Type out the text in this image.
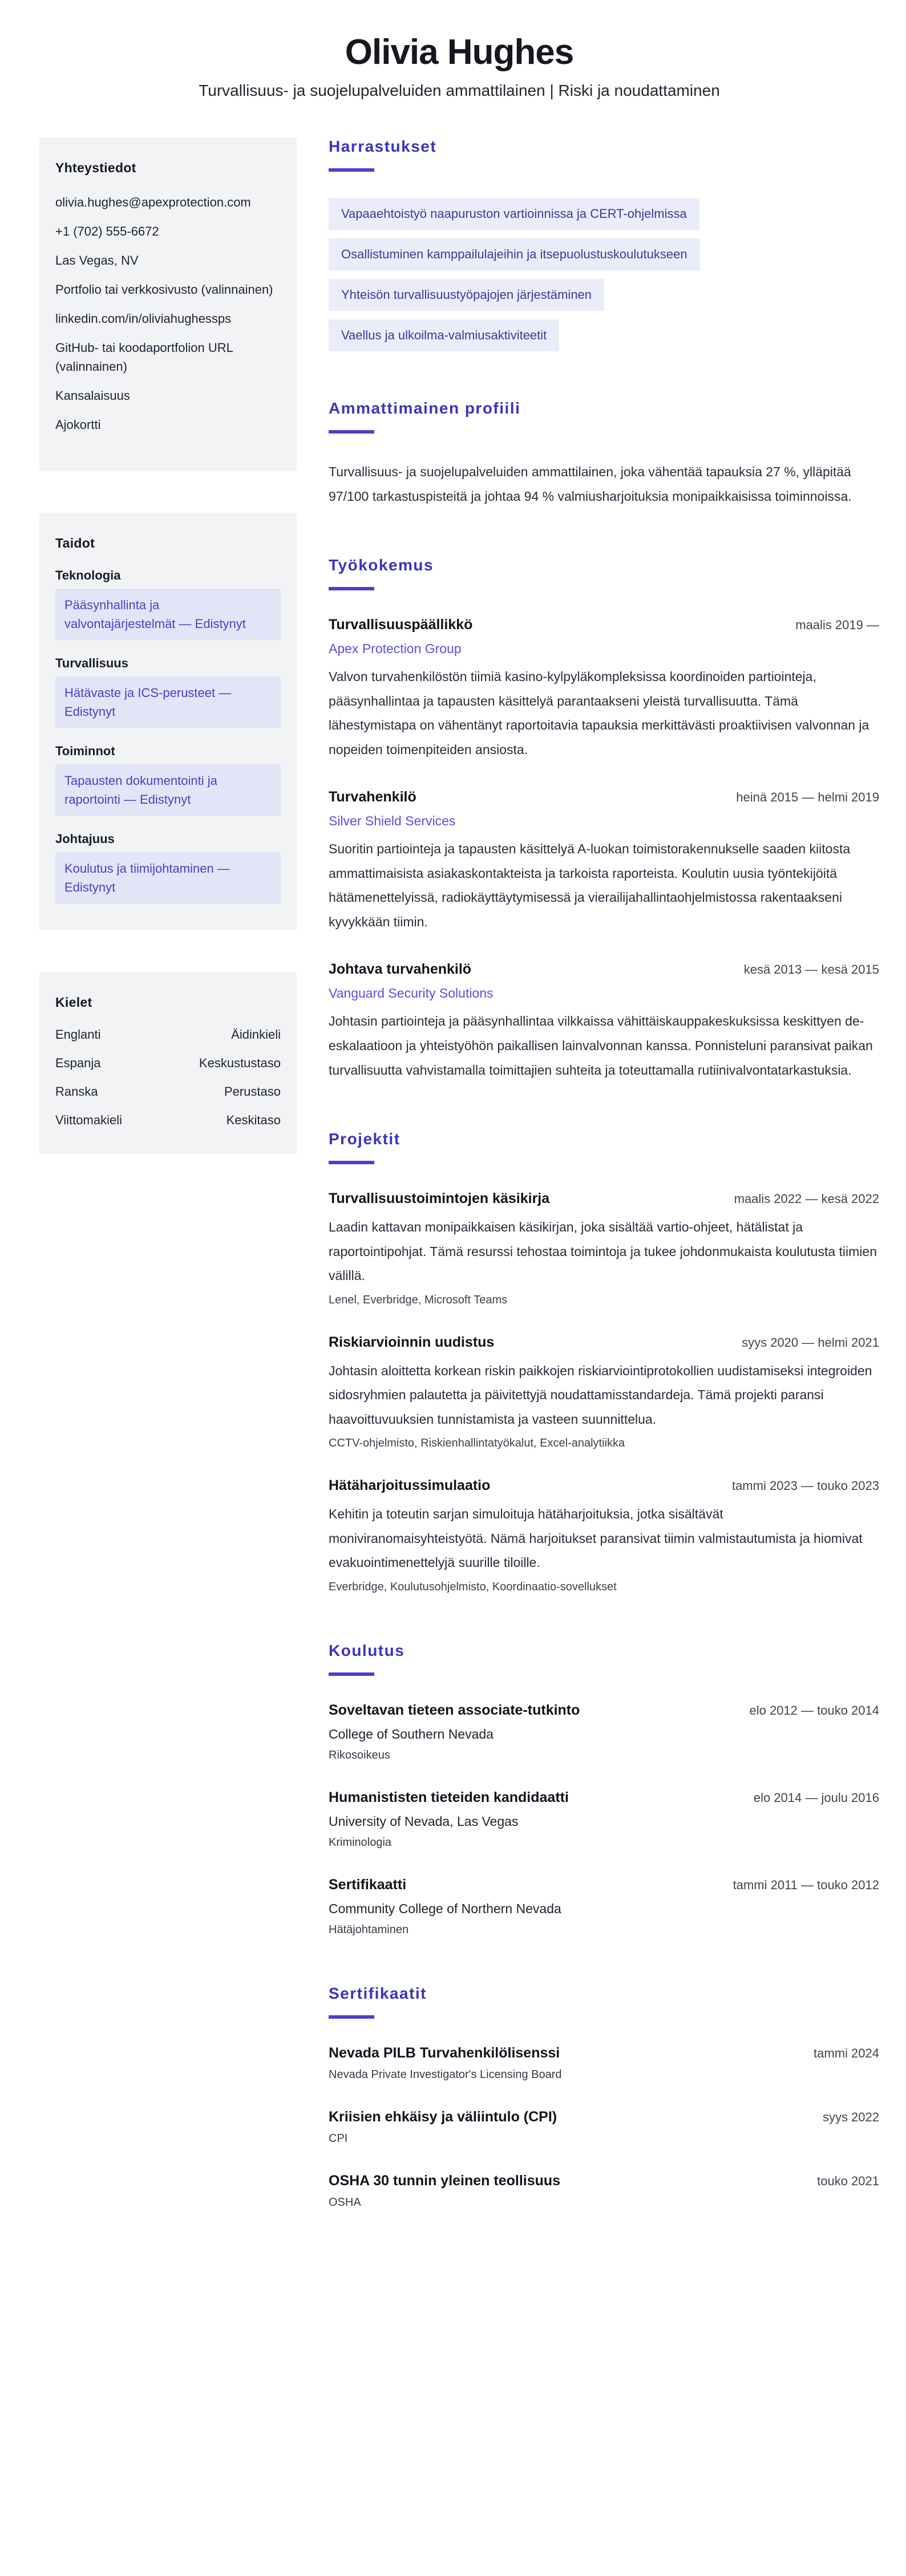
Olivia Hughes

Turvallisuus- ja suojelupalveluiden ammattilainen | Riski ja noudattaminen

Yhteystiedot
olivia.hughes@apexprotection.com
+1 (702) 555-6672
Las Vegas, NV
Portfolio tai verkkosivusto (valinnainen)
linkedin.com/in/oliviahughessps
GitHub- tai koodaportfolion URL (valinnainen)
Kansalaisuus
Ajokortti
Taidot
Teknologia
Pääsynhallinta ja valvontajärjestelmät — Edistynyt
Turvallisuus
Hätävaste ja ICS-perusteet — Edistynyt
Toiminnot
Tapausten dokumentointi ja raportointi — Edistynyt
Johtajuus
Koulutus ja tiimijohtaminen — Edistynyt
Kielet
Englanti	Äidinkieli
Espanja	Keskustustaso
Ranska	Perustaso
Viittomakieli	Keskitaso
Harrastukset
Vapaaehtoistyö naapuruston vartioinnissa ja CERT-ohjelmissa
Osallistuminen kamppailulajeihin ja itsepuolustuskoulutukseen
Yhteisön turvallisuustyöpajojen järjestäminen
Vaellus ja ulkoilma-valmiusaktiviteetit
Ammattimainen profiili

Turvallisuus- ja suojelupalveluiden ammattilainen, joka vähentää tapauksia 27 %, ylläpitää 97/100 tarkastuspisteitä ja johtaa 94 % valmiusharjoituksia monipaikkaisissa toiminnoissa.

Työkokemus
Turvallisuuspäällikkö	maalis 2019 —
Apex Protection Group

Valvon turvahenkilöstön tiimiä kasino-kylpyläkompleksissa koordinoiden partiointeja, pääsynhallintaa ja tapausten käsittelyä parantaakseni yleistä turvallisuutta. Tämä lähestymistapa on vähentänyt raportoitavia tapauksia merkittävästi proaktiivisen valvonnan ja nopeiden toimenpiteiden ansiosta.

Turvahenkilö	heinä 2015 — helmi 2019
Silver Shield Services

Suoritin partiointeja ja tapausten käsittelyä A-luokan toimistorakennukselle saaden kiitosta ammattimaisista asiakaskontakteista ja tarkoista raporteista. Koulutin uusia työntekijöitä hätämenettelyissä, radiokäyttäytymisessä ja vierailijahallintaohjelmistossa rakentaakseni kyvykkään tiimin.

Johtava turvahenkilö	kesä 2013 — kesä 2015
Vanguard Security Solutions

Johtasin partiointeja ja pääsynhallintaa vilkkaissa vähittäiskauppakeskuksissa keskittyen de-eskalaatioon ja yhteistyöhön paikallisen lainvalvonnan kanssa. Ponnisteluni paransivat paikan turvallisuutta vahvistamalla toimittajien suhteita ja toteuttamalla rutiinivalvontatarkastuksia.

Projektit
Turvallisuustoimintojen käsikirja	maalis 2022 — kesä 2022

Laadin kattavan monipaikkaisen käsikirjan, joka sisältää vartio-ohjeet, hätälistat ja raportointipohjat. Tämä resurssi tehostaa toimintoja ja tukee johdonmukaista koulutusta tiimien välillä.

Lenel, Everbridge, Microsoft Teams
Riskiarvioinnin uudistus	syys 2020 — helmi 2021

Johtasin aloittetta korkean riskin paikkojen riskiarviointiprotokollien uudistamiseksi integroiden sidosryhmien palautetta ja päivitettyjä noudattamisstandardeja. Tämä projekti paransi haavoittuvuuksien tunnistamista ja vasteen suunnittelua.

CCTV-ohjelmisto, Riskienhallintatyökalut, Excel-analytiikka
Hätäharjoitussimulaatio	tammi 2023 — touko 2023

Kehitin ja toteutin sarjan simuloituja hätäharjoituksia, jotka sisältävät moniviranomaisyhteistyötä. Nämä harjoitukset paransivat tiimin valmistautumista ja hiomivat evakuointimenettelyjä suurille tiloille.

Everbridge, Koulutusohjelmisto, Koordinaatio-sovellukset
Koulutus
Soveltavan tieteen associate-tutkinto	elo 2012 — touko 2014
College of Southern Nevada
Rikosoikeus
Humanististen tieteiden kandidaatti	elo 2014 — joulu 2016
University of Nevada, Las Vegas
Kriminologia
Sertifikaatti	tammi 2011 — touko 2012
Community College of Northern Nevada
Hätäjohtaminen
Sertifikaatit
Nevada PILB Turvahenkilölisenssi	tammi 2024
Nevada Private Investigator's Licensing Board
Kriisien ehkäisy ja väliintulo (CPI)	syys 2022
CPI
OSHA 30 tunnin yleinen teollisuus	touko 2021
OSHA
